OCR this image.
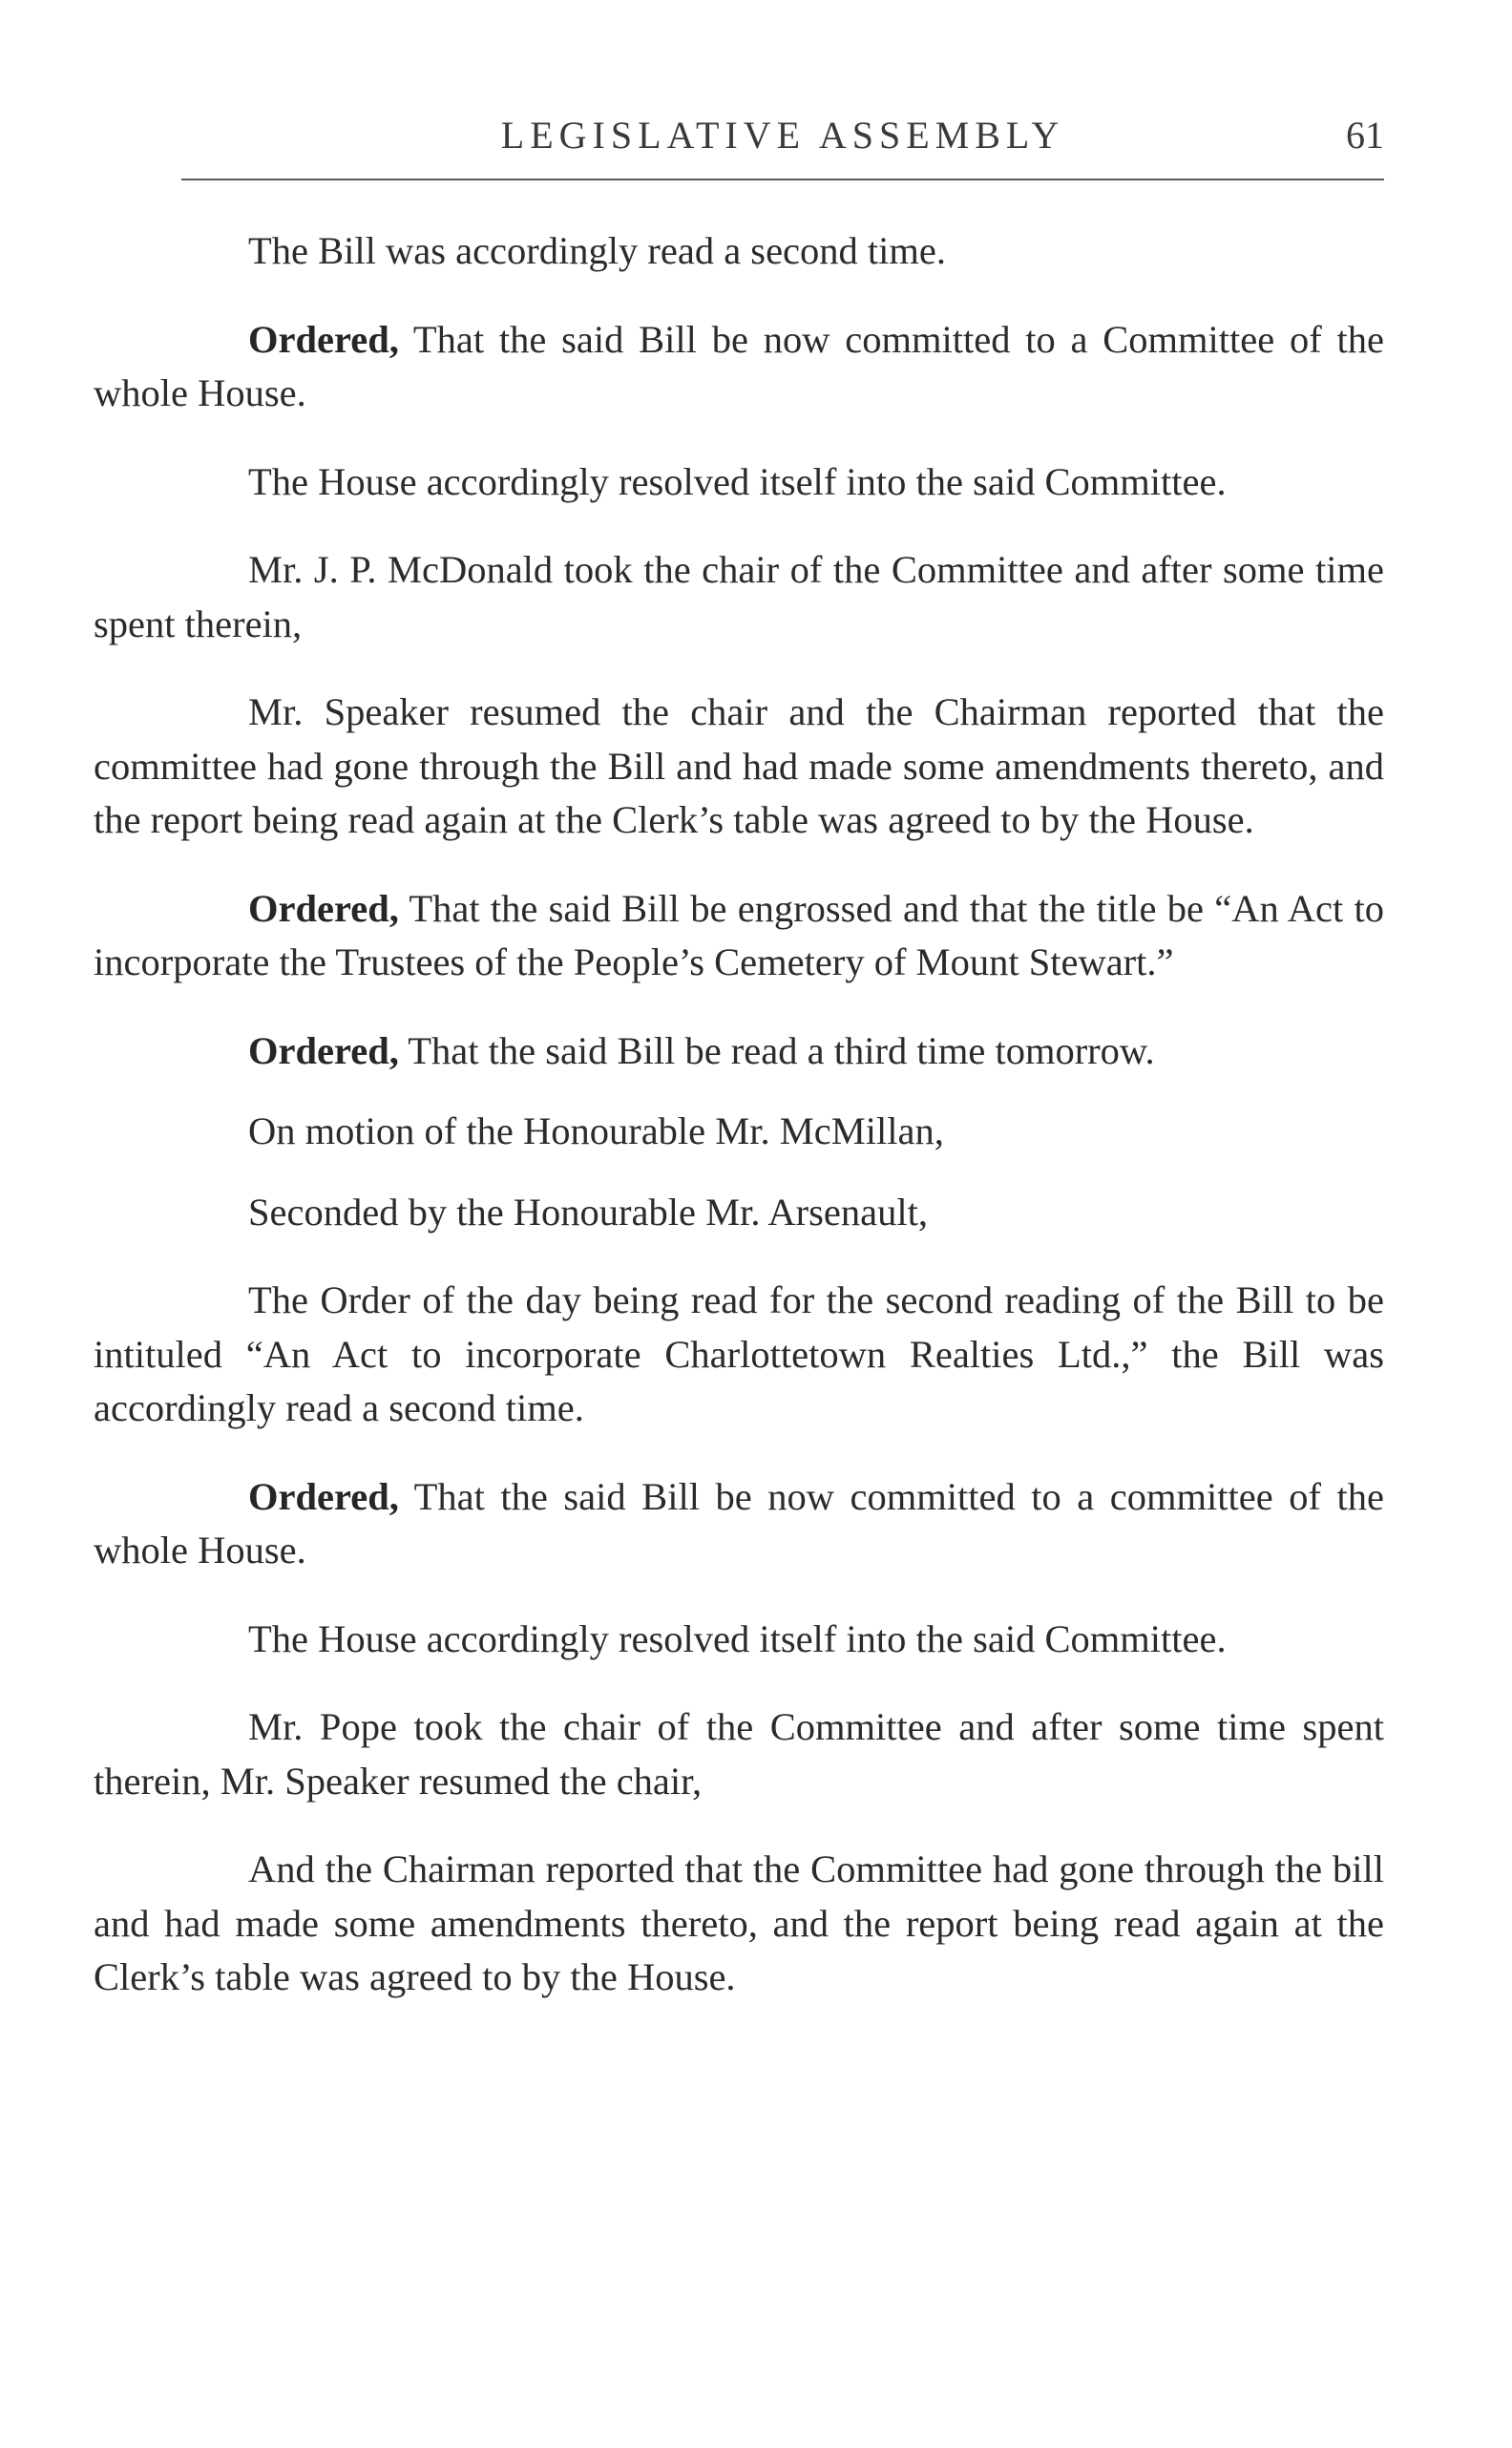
LEGISLATIVE ASSEMBLY	61

The Bill was accordingly read a second time.

Ordered, That the said Bill be now committed to a Committee of the whole House.

The House accordingly resolved itself into the said Committee.

Mr. J. P. McDonald took the chair of the Committee and after some time spent therein,

Mr. Speaker resumed the chair and the Chairman reported that the committee had gone through the Bill and had made some amendments thereto, and the report being read again at the Clerk’s table was agreed to by the House.

Ordered, That the said Bill be engrossed and that the title be “An Act to incorporate the Trustees of the People’s Cemetery of Mount Stewart.”

Ordered, That the said Bill be read a third time tomorrow.

On motion of the Honourable Mr. McMillan,

Seconded by the Honourable Mr. Arsenault,

The Order of the day being read for the second reading of the Bill to be intituled “An Act to incorporate Charlottetown Realties Ltd.,” the Bill was accordingly read a second time.

Ordered, That the said Bill be now committed to a committee of the whole House.

The House accordingly resolved itself into the said Committee.

Mr. Pope took the chair of the Committee and after some time spent therein, Mr. Speaker resumed the chair,

And the Chairman reported that the Committee had gone through the bill and had made some amendments thereto, and the report being read again at the Clerk’s table was agreed to by the House.
